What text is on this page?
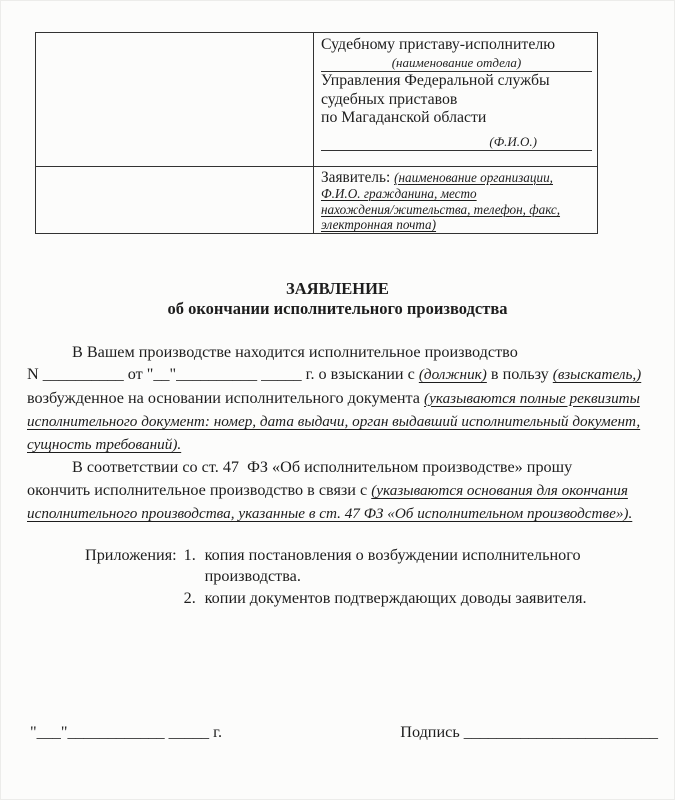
Судебному приставу-исполнителю
(наименование отдела)
Управления Федеральной службы
судебных приставов
по Магаданской области
(Ф.И.О.)
Заявитель: (наименование организации,
Ф.И.О. гражданина, место
нахождения/жительства, телефон, факс,
электронная почта)
ЗАЯВЛЕНИЕ
об окончании исполнительного производства
В Вашем производстве находится исполнительное производство
N __________ от "__"__________ _____ г. о взыскании с (должник) в пользу (взыскатель,)
возбужденное на основании исполнительного документа (указываются полные реквизиты
исполнительного документ: номер, дата выдачи, орган выдавший исполнительный документ,
сущность требований).
В соответствии со ст. 47  ФЗ «Об исполнительном производстве» прошу
окончить исполнительное производство в связи с (указываются основания для окончания
исполнительного производства, указанные в ст. 47 ФЗ «Об исполнительном производстве»).
Приложения: 1. копия постановления о возбуждении исполнительного производства.
2. копии документов подтверждающих доводы заявителя.
"___"____________ _____ г.	Подпись ________________________
